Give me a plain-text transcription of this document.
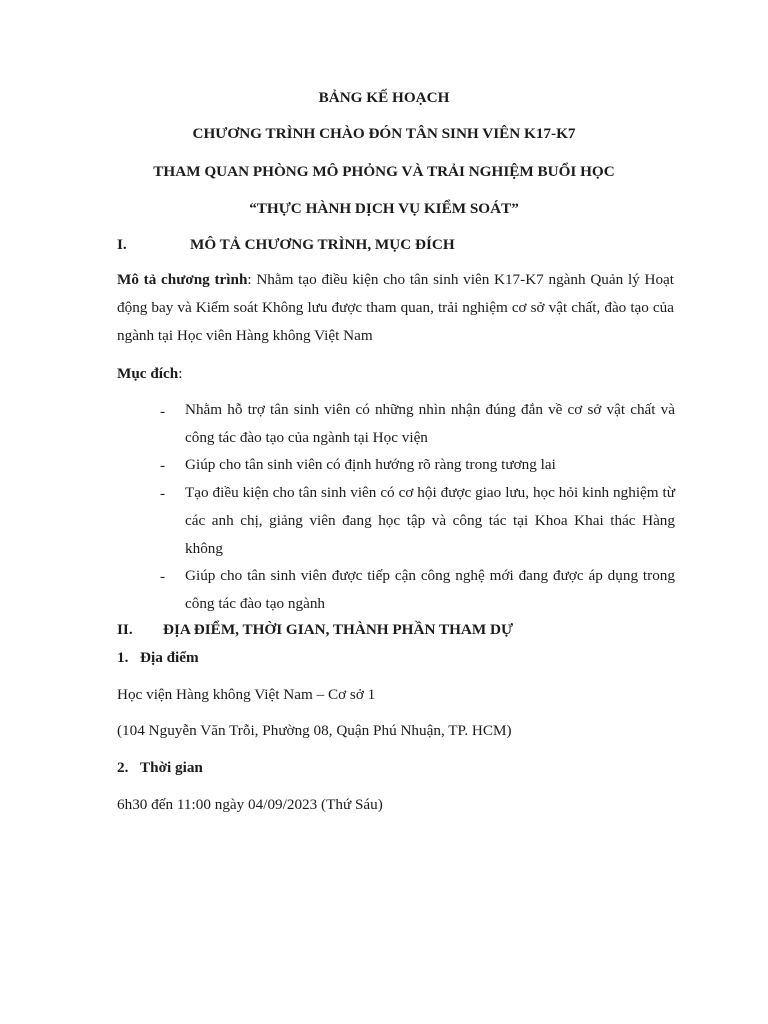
BẢNG KẾ HOẠCH

CHƯƠNG TRÌNH CHÀO ĐÓN TÂN SINH VIÊN K17-K7

THAM QUAN PHÒNG MÔ PHỎNG VÀ TRẢI NGHIỆM BUỔI HỌC

“THỰC HÀNH DỊCH VỤ KIỂM SOÁT”

I.	MÔ TẢ CHƯƠNG TRÌNH, MỤC ĐÍCH

Mô tả chương trình: Nhằm tạo điều kiện cho tân sinh viên K17-K7 ngành Quản lý Hoạt động bay và Kiểm soát Không lưu được tham quan, trải nghiệm cơ sở vật chất, đào tạo của ngành tại Học viên Hàng không Việt Nam

Mục đích:

- Nhằm hỗ trợ tân sinh viên có những nhìn nhận đúng đắn về cơ sở vật chất và công tác đào tạo của ngành tại Học viện

- Giúp cho tân sinh viên có định hướng rõ ràng trong tương lai

- Tạo điều kiện cho tân sinh viên có cơ hội được giao lưu, học hỏi kinh nghiệm từ các anh chị, giảng viên đang học tập và công tác tại Khoa Khai thác Hàng không

- Giúp cho tân sinh viên được tiếp cận công nghệ mới đang được áp dụng trong công tác đào tạo ngành

II. ĐỊA ĐIỂM, THỜI GIAN, THÀNH PHẦN THAM DỰ

1. Địa điểm

Học viện Hàng không Việt Nam – Cơ sở 1

(104 Nguyễn Văn Trỗi, Phường 08, Quận Phú Nhuận, TP. HCM)

2. Thời gian

6h30 đến 11:00 ngày 04/09/2023 (Thứ Sáu)
